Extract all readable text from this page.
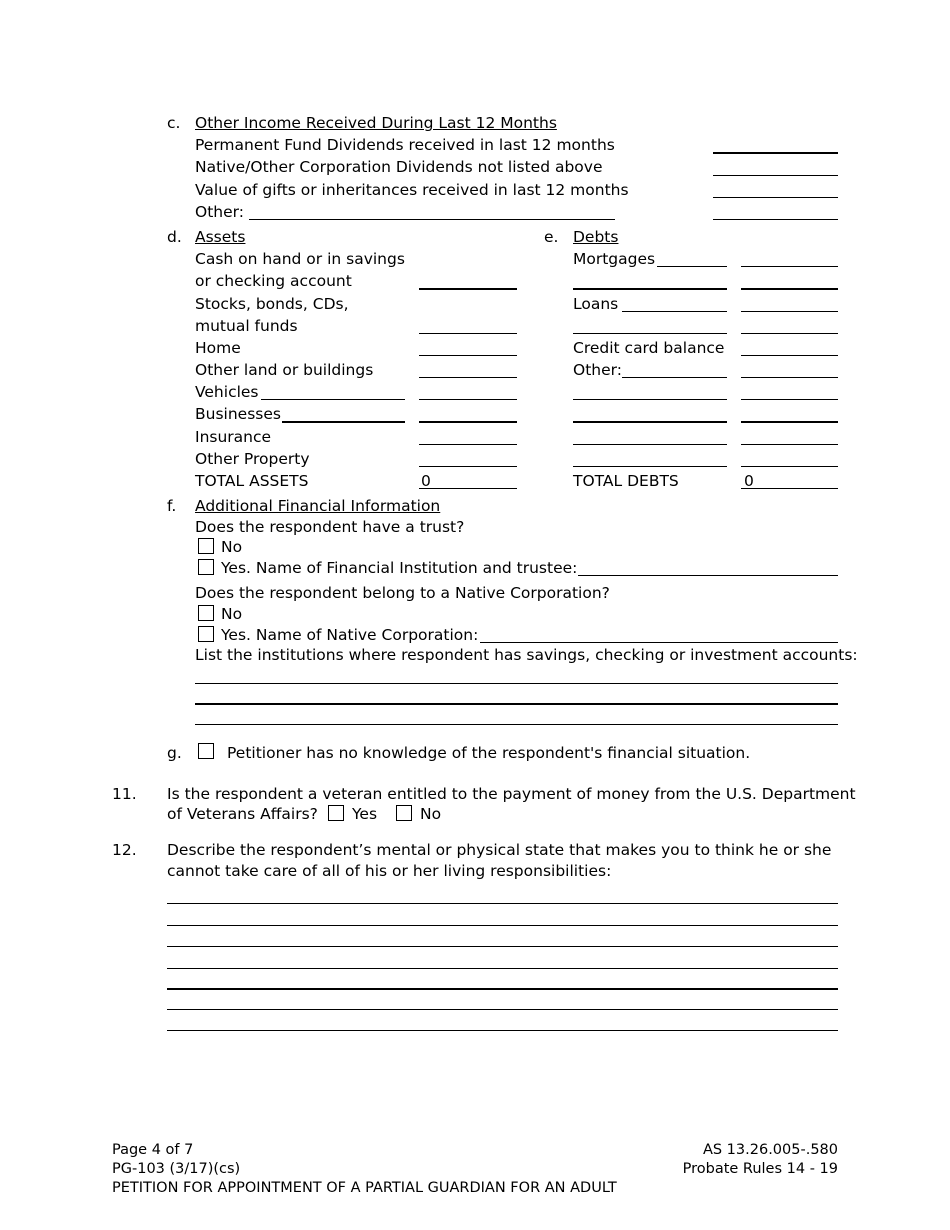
c. Other Income Received During Last 12 Months
Permanent Fund Dividends received in last 12 months
Native/Other Corporation Dividends not listed above
Value of gifts or inheritances received in last 12 months
Other:
d. Assets
Cash on hand or in savings
or checking account
Stocks, bonds, CDs,
mutual funds
Home
Other land or buildings
Vehicles
Businesses
Insurance
Other Property
TOTAL ASSETS	0
e. Debts
Mortgages
Loans
Credit card balance
Other:
TOTAL DEBTS	0
f. Additional Financial Information
Does the respondent have a trust?
No
Yes. Name of Financial Institution and trustee:
Does the respondent belong to a Native Corporation?
No
Yes. Name of Native Corporation:
List the institutions where respondent has savings, checking or investment accounts:
g.	Petitioner has no knowledge of the respondent's financial situation.
11. Is the respondent a veteran entitled to the payment of money from the U.S. Department
of Veterans Affairs? Yes	No
12. Describe the respondent’s mental or physical state that makes you to think he or she
cannot take care of all of his or her living responsibilities:
Page 4 of 7
PG-103 (3/17)(cs)
PETITION FOR APPOINTMENT OF A PARTIAL GUARDIAN FOR AN ADULT
AS 13.26.005-.580
Probate Rules 14 - 19
